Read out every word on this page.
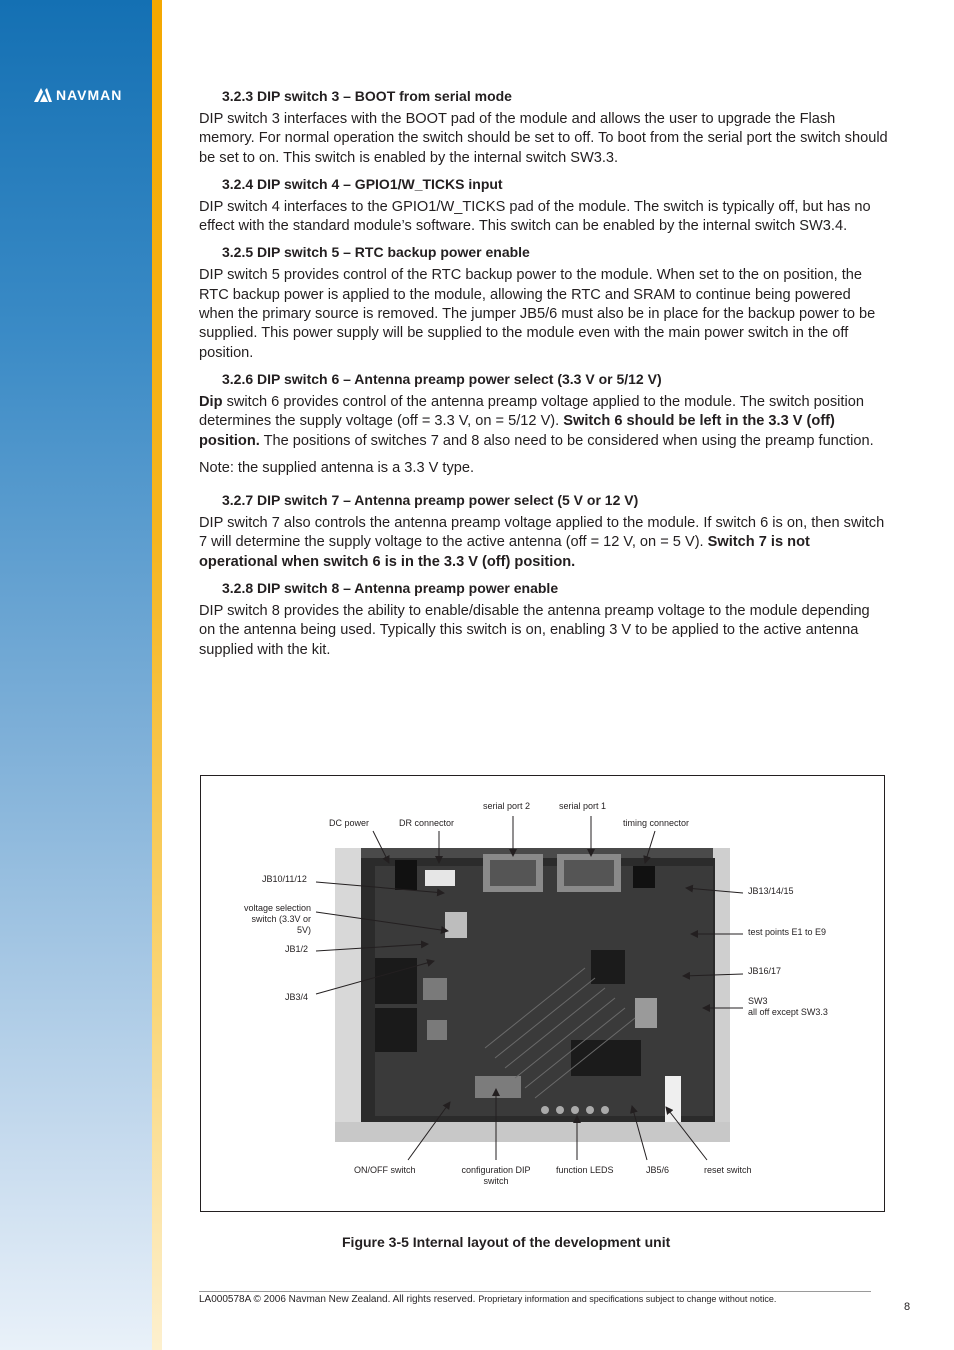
NAVMAN	3.2.3 DIP switch 3 – BOOT from serial mode

DIP switch 3 interfaces with the BOOT pad of the module and allows the user to upgrade the Flash memory. For normal operation the switch should be set to off. To boot from the serial port the switch should be set to on. This switch is enabled by the internal switch SW3.3.

3.2.4 DIP switch 4 – GPIO1/W_TICKS input

DIP switch 4 interfaces to the GPIO1/W_TICKS pad of the module. The switch is typically off, but has no effect with the standard module’s software. This switch can be enabled by the internal switch SW3.4.

3.2.5 DIP switch 5 – RTC backup power enable

DIP switch 5 provides control of the RTC backup power to the module. When set to the on position, the RTC backup power is applied to the module, allowing the RTC and SRAM to continue being powered when the primary source is removed. The jumper JB5/6 must also be in place for the backup power to be supplied. This power supply will be supplied to the module even with the main power switch in the off position.

3.2.6 DIP switch 6 – Antenna preamp power select (3.3 V or 5/12 V)

Dip switch 6 provides control of the antenna preamp voltage applied to the module. The switch position determines the supply voltage (off = 3.3 V, on = 5/12 V). Switch 6 should be left in the 3.3 V (off) position. The positions of switches 7 and 8 also need to be considered when using the preamp function.

Note: the supplied antenna is a 3.3 V type.

3.2.7 DIP switch 7 – Antenna preamp power select (5 V or 12 V)

DIP switch 7 also controls the antenna preamp voltage applied to the module. If switch 6 is on, then switch 7 will determine the supply voltage to the active antenna (off = 12 V, on = 5 V). Switch 7 is not operational when switch 6 is in the 3.3 V (off) position.

3.2.8 DIP switch 8 – Antenna preamp power enable

DIP switch 8 provides the ability to enable/disable the antenna preamp voltage to the module depending on the antenna being used. Typically this switch is on, enabling 3 V to be applied to the active antenna supplied with the kit.

DC power	DR connector
serial port 2	serial port 1
timing connector
JB10/11/12
voltage selection
switch (3.3V or 5V)
JB1/2
JB3/4
JB13/14/15
test points E1 to E9
JB16/17
SW3
all off except SW3.3
ON/OFF switch	configuration DIP
switch
function LEDS	JB5/6	reset switch
Figure 3-5 Internal layout of the development unit
LA000578A © 2006 Navman New Zealand. All rights reserved. Proprietary information and specifications subject to change without notice.
8
